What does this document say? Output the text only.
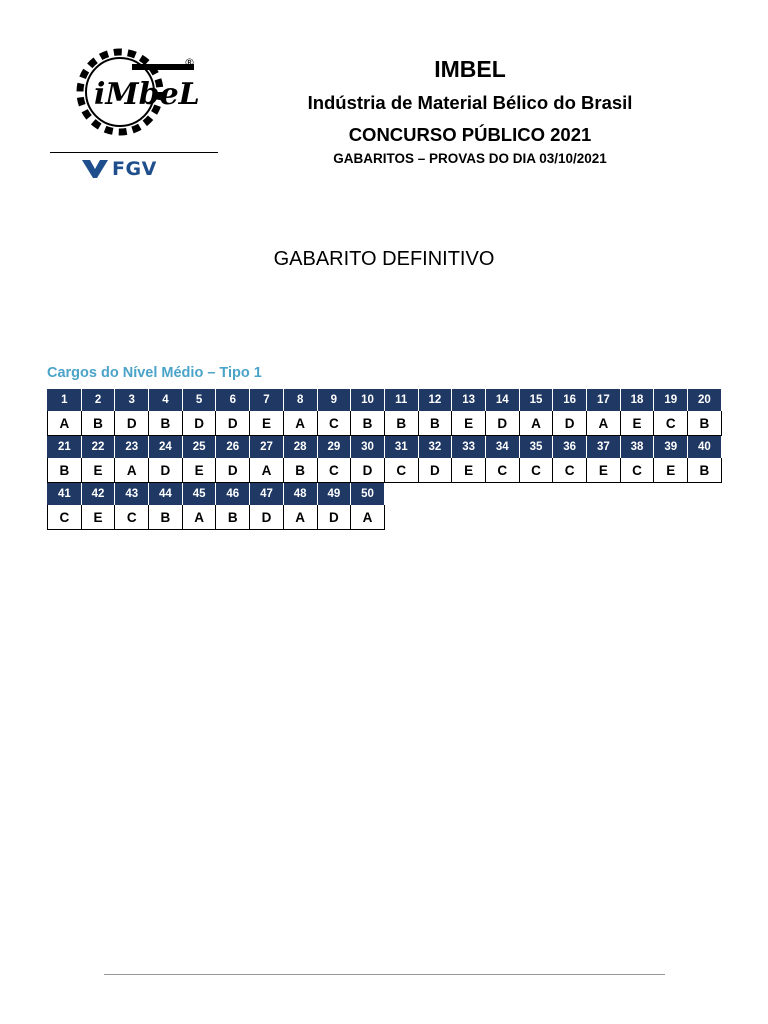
iMbeL
®
FGV
IMBEL
Indústria de Material Bélico do Brasil
CONCURSO PÚBLICO 2021
GABARITOS – PROVAS DO DIA 03/10/2021
GABARITO DEFINITIVO
Cargos do Nível Médio – Tipo 1
1	2	3	4	5	6	7	8	9	10	11	12	13	14	15	16	17	18	19	20
A	B	D	B	D	D	E	A	C	B	B	B	E	D	A	D	A	E	C	B
21	22	23	24	25	26	27	28	29	30	31	32	33	34	35	36	37	38	39	40
B	E	A	D	E	D	A	B	C	D	C	D	E	C	C	C	E	C	E	B
41	42	43	44	45	46	47	48	49	50
C	E	C	B	A	B	D	A	D	A
